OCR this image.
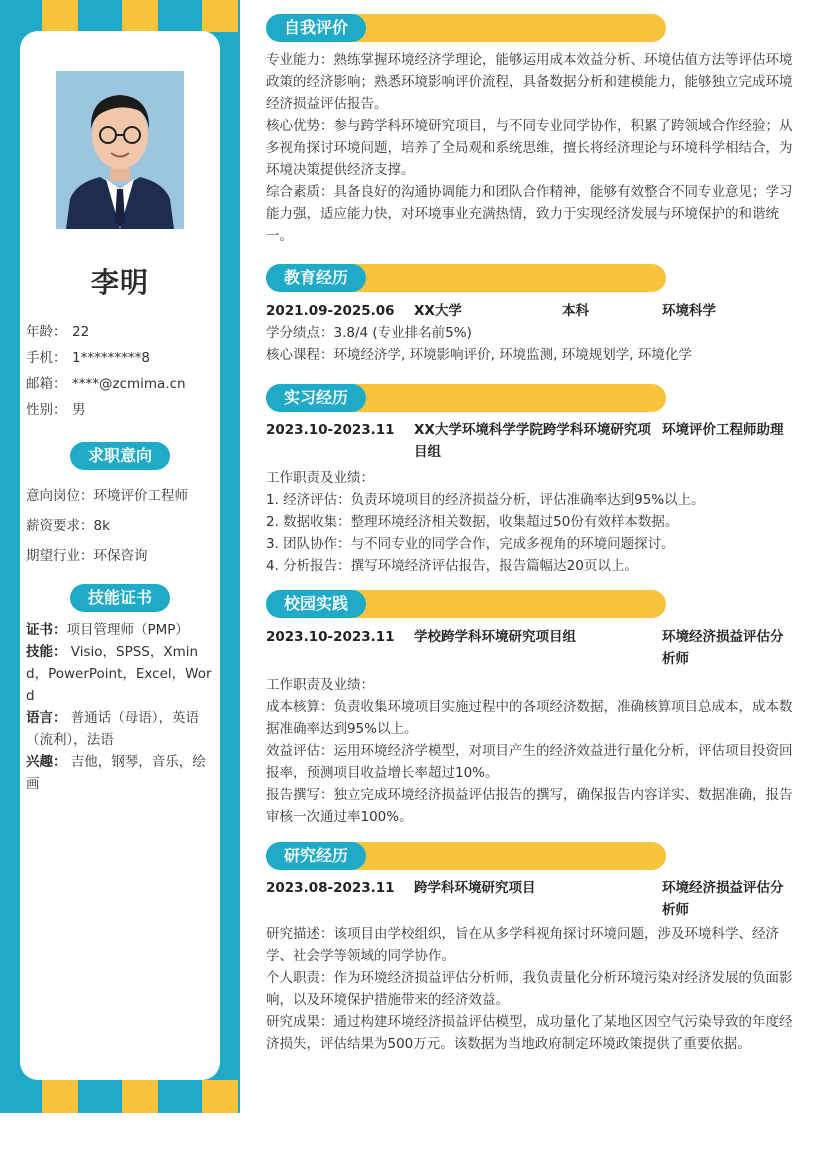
李明
年龄： 22
手机： 1*********8
邮箱： ****@zcmima.cn
性别： 男
求职意向
意向岗位：环境评价工程师
薪资要求：8k
期望行业：环保咨询
技能证书
证书：项目管理师（PMP）
技能： Visio，SPSS，Xmind，PowerPoint，Excel，Word
语言： 普通话（母语），英语（流利），法语
兴趣： 吉他，钢琴，音乐，绘画
自我评价
专业能力：熟练掌握环境经济学理论，能够运用成本效益分析、环境估值方法等评估环境政策的经济影响；熟悉环境影响评价流程，具备数据分析和建模能力，能够独立完成环境经济损益评估报告。
核心优势：参与跨学科环境研究项目，与不同专业同学协作，积累了跨领域合作经验；从多视角探讨环境问题，培养了全局观和系统思维，擅长将经济理论与环境科学相结合，为环境决策提供经济支撑。
综合素质：具备良好的沟通协调能力和团队合作精神，能够有效整合不同专业意见；学习能力强，适应能力快，对环境事业充满热情，致力于实现经济发展与环境保护的和谐统一。
教育经历
2021.09-2025.06	XX大学	本科	环境科学
学分绩点：3.8/4 (专业排名前5%)
核心课程：环境经济学, 环境影响评价, 环境监测, 环境规划学, 环境化学
实习经历
2023.10-2023.11	XX大学环境科学学院跨学科环境研究项目组
环境评价工程师助理
工作职责及业绩：
1. 经济评估：负责环境项目的经济损益分析，评估准确率达到95%以上。
2. 数据收集：整理环境经济相关数据，收集超过50份有效样本数据。
3. 团队协作：与不同专业的同学合作，完成多视角的环境问题探讨。
4. 分析报告：撰写环境经济评估报告，报告篇幅达20页以上。
校园实践
2023.10-2023.11	学校跨学科环境研究项目组	环境经济损益评估分析师
工作职责及业绩：
成本核算：负责收集环境项目实施过程中的各项经济数据，准确核算项目总成本，成本数据准确率达到95%以上。
效益评估：运用环境经济学模型，对项目产生的经济效益进行量化分析，评估项目投资回报率，预测项目收益增长率超过10%。
报告撰写：独立完成环境经济损益评估报告的撰写，确保报告内容详实、数据准确，报告审核一次通过率100%。
研究经历
2023.08-2023.11	跨学科环境研究项目	环境经济损益评估分析师
研究描述：该项目由学校组织，旨在从多学科视角探讨环境问题，涉及环境科学、经济学、社会学等领域的同学协作。
个人职责：作为环境经济损益评估分析师，我负责量化分析环境污染对经济发展的负面影响，以及环境保护措施带来的经济效益。
研究成果：通过构建环境经济损益评估模型，成功量化了某地区因空气污染导致的年度经济损失，评估结果为500万元。该数据为当地政府制定环境政策提供了重要依据。
